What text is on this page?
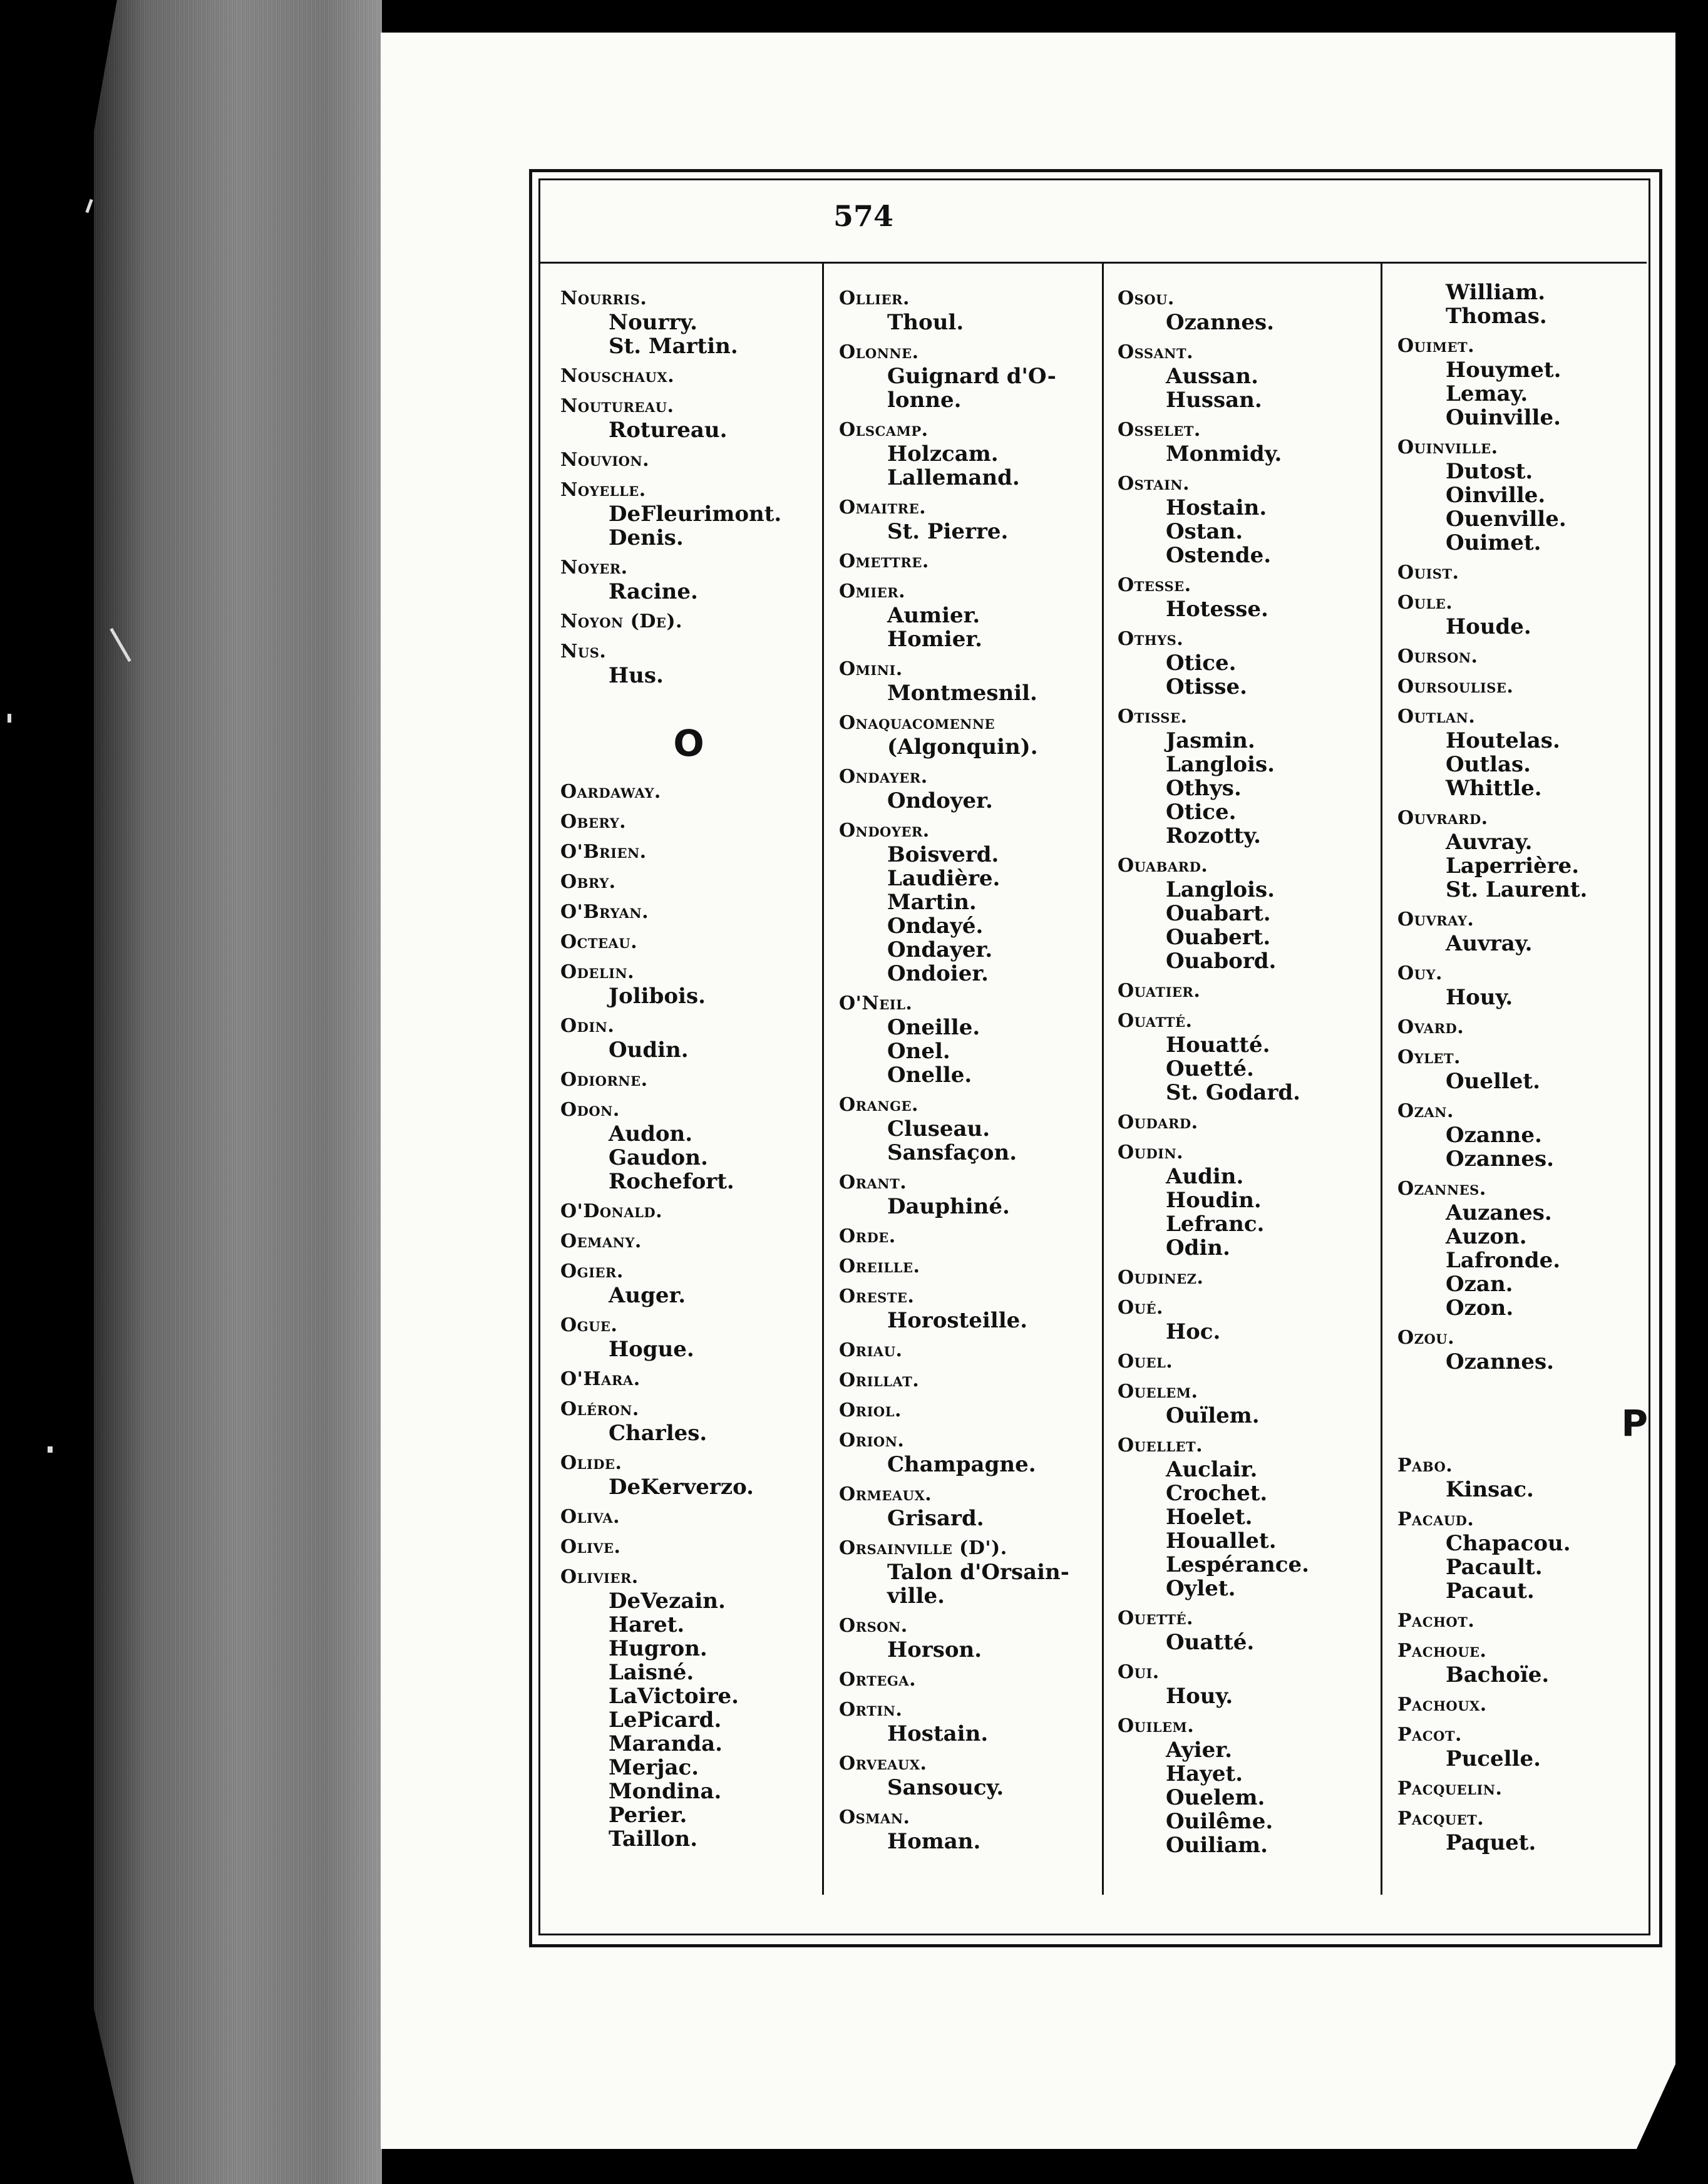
574
Nourris.
Nourry.
St. Martin.
Nouschaux.
Noutureau.
Rotureau.
Nouvion.
Noyelle.
DeFleurimont.
Denis.
Noyer.
Racine.
Noyon (De).
Nus.
Hus.
O
Oardaway.
Obery.
O'Brien.
Obry.
O'Bryan.
Octeau.
Odelin.
Jolibois.
Odin.
Oudin.
Odiorne.
Odon.
Audon.
Gaudon.
Rochefort.
O'Donald.
Oemany.
Ogier.
Auger.
Ogue.
Hogue.
O'Hara.
Oléron.
Charles.
Olide.
DeKerverzo.
Oliva.
Olive.
Olivier.
DeVezain.
Haret.
Hugron.
Laisné.
LaVictoire.
LePicard.
Maranda.
Merjac.
Mondina.
Perier.
Taillon.
Ollier.
Thoul.
Olonne.
Guignard d'O-
lonne.
Olscamp.
Holzcam.
Lallemand.
Omaitre.
St. Pierre.
Omettre.
Omier.
Aumier.
Homier.
Omini.
Montmesnil.
Onaquacomenne
(Algonquin).
Ondayer.
Ondoyer.
Ondoyer.
Boisverd.
Laudière.
Martin.
Ondayé.
Ondayer.
Ondoier.
O'Neil.
Oneille.
Onel.
Onelle.
Orange.
Cluseau.
Sansfaçon.
Orant.
Dauphiné.
Orde.
Oreille.
Oreste.
Horosteille.
Oriau.
Orillat.
Oriol.
Orion.
Champagne.
Ormeaux.
Grisard.
Orsainville (D').
Talon d'Orsain-
ville.
Orson.
Horson.
Ortega.
Ortin.
Hostain.
Orveaux.
Sansoucy.
Osman.
Homan.
Osou.
Ozannes.
Ossant.
Aussan.
Hussan.
Osselet.
Monmidy.
Ostain.
Hostain.
Ostan.
Ostende.
Otesse.
Hotesse.
Othys.
Otice.
Otisse.
Otisse.
Jasmin.
Langlois.
Othys.
Otice.
Rozotty.
Ouabard.
Langlois.
Ouabart.
Ouabert.
Ouabord.
Ouatier.
Ouatté.
Houatté.
Ouetté.
St. Godard.
Oudard.
Oudin.
Audin.
Houdin.
Lefranc.
Odin.
Oudinez.
Oué.
Hoc.
Ouel.
Ouelem.
Ouïlem.
Ouellet.
Auclair.
Crochet.
Hoelet.
Houallet.
Lespérance.
Oylet.
Ouetté.
Ouatté.
Oui.
Houy.
Ouilem.
Ayier.
Hayet.
Ouelem.
Ouilême.
Ouiliam.
William.
Thomas.
Ouimet.
Houymet.
Lemay.
Ouinville.
Ouinville.
Dutost.
Oinville.
Ouenville.
Ouimet.
Ouist.
Oule.
Houde.
Ourson.
Oursoulise.
Outlan.
Houtelas.
Outlas.
Whittle.
Ouvrard.
Auvray.
Laperrière.
St. Laurent.
Ouvray.
Auvray.
Ouy.
Houy.
Ovard.
Oylet.
Ouellet.
Ozan.
Ozanne.
Ozannes.
Ozannes.
Auzanes.
Auzon.
Lafronde.
Ozan.
Ozon.
Ozou.
Ozannes.
P
Pabo.
Kinsac.
Pacaud.
Chapacou.
Pacault.
Pacaut.
Pachot.
Pachoue.
Bachoïe.
Pachoux.
Pacot.
Pucelle.
Pacquelin.
Pacquet.
Paquet.
